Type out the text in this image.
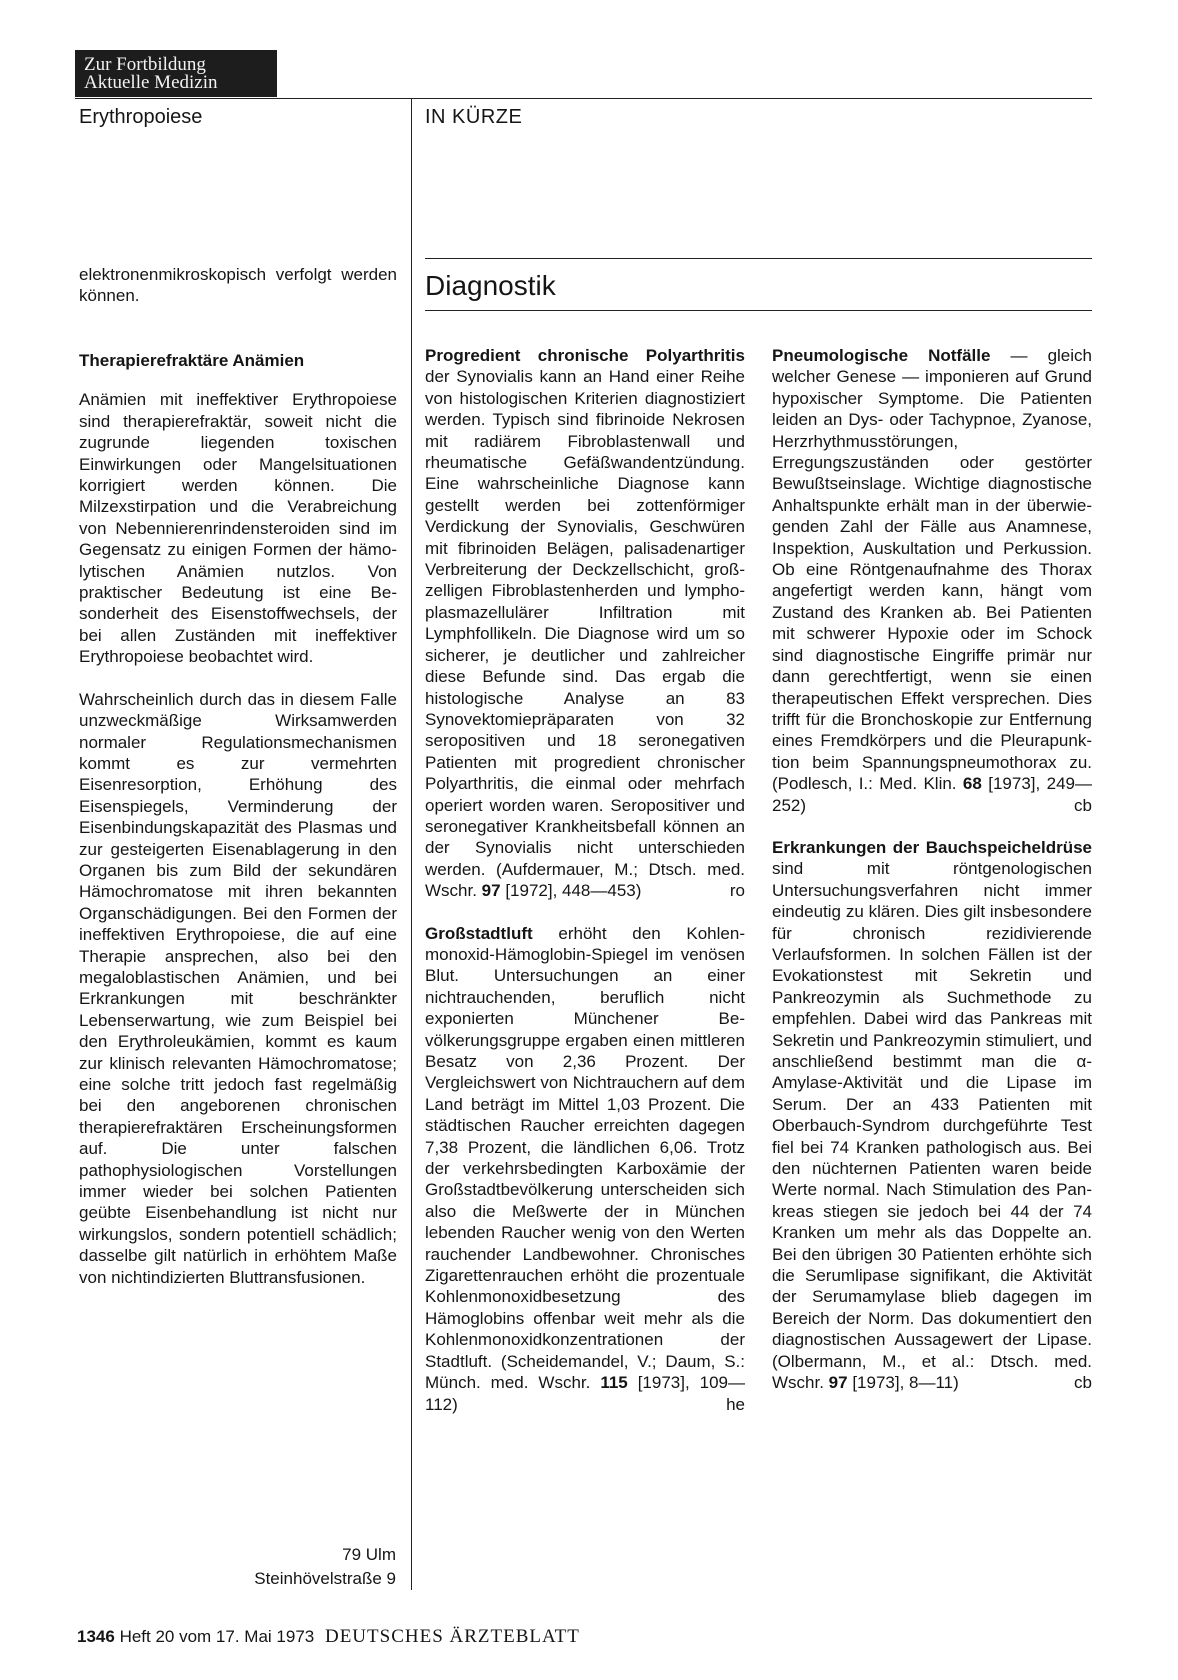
Zur Fortbildung
Aktuelle Medizin
Erythropoiese	IN KÜRZE
elektronenmikroskopisch verfolgt werden können.	Diagnostik
Therapierefraktäre Anämien

Anämien mit ineffektiver Erythropoiese sind therapierefraktär, soweit nicht die zugrunde liegenden toxischen Einwirkungen oder Mangelsituationen korrigiert werden können. Die Milzexstirpation und die Verabreichung von Nebennierenrindensteroiden sind im Gegensatz zu einigen Formen der hämolytischen Anämien nutzlos. Von praktischer Bedeutung ist eine Besonderheit des Eisenstoffwechsels, der bei allen Zuständen mit ineffektiver Erythropoiese beobachtet wird.

Wahrscheinlich durch das in diesem Falle unzweckmäßige Wirksamwerden normaler Regulationsmechanismen kommt es zur vermehrten Eisenresorption, Erhöhung des Eisenspiegels, Verminderung der Eisenbindungskapazität des Plasmas und zur gesteigerten Eisenablagerung in den Organen bis zum Bild der sekundären Hämochromatose mit ihren bekannten Organschädigungen. Bei den Formen der ineffektiven Erythropoiese, die auf eine Therapie ansprechen, also bei den megaloblastischen Anämien, und bei Erkrankungen mit beschränkter Lebenserwartung, wie zum Beispiel bei den Erythroleukämien, kommt es kaum zur klinisch relevanten Hämochromatose; eine solche tritt jedoch fast regelmäßig bei den angeborenen chronischen therapierefraktären Erscheinungsformen auf. Die unter falschen pathophysiologischen Vorstellungen immer wieder bei solchen Patienten geübte Eisenbehandlung ist nicht nur wirkungslos, sondern potentiell schädlich; dasselbe gilt natürlich in erhöhtem Maße von nichtindizierten Bluttransfusionen.

79 Ulm
Steinhövelstraße 9

Progredient chronische Polyarthritis der Synovialis kann an Hand einer Reihe von histologischen Kriterien diagnostiziert werden. Typisch sind fibrinoide Nekrosen mit radiärem Fibroblastenwall und rheumatische Gefäßwandentzündung. Eine wahrscheinliche Diagnose kann gestellt werden bei zottenförmiger Verdickung der Synovialis, Geschwüren mit fibrinoiden Belägen, palisadenartiger Verbreiterung der Deckzellschicht, großzelligen Fibroblastenherden und lympho-plasmazellulärer Infiltration mit Lymphfollikeln. Die Diagnose wird um so sicherer, je deutlicher und zahlreicher diese Befunde sind. Das ergab die histologische Analyse an 83 Synovektomiepräparaten von 32 seropositiven und 18 seronegativen Patienten mit progredient chronischer Polyarthritis, die einmal oder mehrfach operiert worden waren. Seropositiver und seronegativer Krankheitsbefall können an der Synovialis nicht unterschieden werden. (Aufdermauer, M.; Dtsch. med. Wschr. 97 [1972], 448—453)	ro

Großstadtluft erhöht den Kohlenmonoxid-Hämoglobin-Spiegel im venösen Blut. Untersuchungen an einer nichtrauchenden, beruflich nicht exponierten Münchener Bevölkerungsgruppe ergaben einen mittleren Besatz von 2,36 Prozent. Der Vergleichswert von Nichtrauchern auf dem Land beträgt im Mittel 1,03 Prozent. Die städtischen Raucher erreichten dagegen 7,38 Prozent, die ländlichen 6,06. Trotz der verkehrsbedingten Karboxämie der Großstadtbevölkerung unterscheiden sich also die Meßwerte der in München lebenden Raucher wenig von den Werten rauchender Landbewohner. Chronisches Zigarettenrauchen erhöht die prozentuale Kohlenmonoxidbesetzung des Hämoglobins offenbar weit mehr als die Kohlenmonoxidkonzentrationen der Stadtluft. (Scheidemandel, V.; Daum, S.: Münch. med. Wschr. 115 [1973], 109—112)	he

Pneumologische Notfälle — gleich welcher Genese — imponieren auf Grund hypoxischer Symptome. Die Patienten leiden an Dys- oder Tachypnoe, Zyanose, Herzrhythmusstörungen, Erregungszuständen oder gestörter Bewußtseinslage. Wichtige diagnostische Anhaltspunkte erhält man in der überwiegenden Zahl der Fälle aus Anamnese, Inspektion, Auskultation und Perkussion. Ob eine Röntgenaufnahme des Thorax angefertigt werden kann, hängt vom Zustand des Kranken ab. Bei Patienten mit schwerer Hypoxie oder im Schock sind diagnostische Eingriffe primär nur dann gerechtfertigt, wenn sie einen therapeutischen Effekt versprechen. Dies trifft für die Bronchoskopie zur Entfernung eines Fremdkörpers und die Pleurapunktion beim Spannungspneumothorax zu. (Podlesch, I.: Med. Klin. 68 [1973], 249—252)	cb

Erkrankungen der Bauchspeicheldrüse sind mit röntgenologischen Untersuchungsverfahren nicht immer eindeutig zu klären. Dies gilt insbesondere für chronisch rezidivierende Verlaufsformen. In solchen Fällen ist der Evokationstest mit Sekretin und Pankreozymin als Suchmethode zu empfehlen. Dabei wird das Pankreas mit Sekretin und Pankreozymin stimuliert, und anschließend bestimmt man die α-Amylase-Aktivität und die Lipase im Serum. Der an 433 Patienten mit Oberbauch-Syndrom durchgeführte Test fiel bei 74 Kranken pathologisch aus. Bei den nüchternen Patienten waren beide Werte normal. Nach Stimulation des Pankreas stiegen sie jedoch bei 44 der 74 Kranken um mehr als das Doppelte an. Bei den übrigen 30 Patienten erhöhte sich die Serumlipase signifikant, die Aktivität der Serumamylase blieb dagegen im Bereich der Norm. Das dokumentiert den diagnostischen Aussagewert der Lipase. (Olbermann, M., et al.: Dtsch. med. Wschr. 97 [1973], 8—11)	cb

1346 Heft 20 vom 17. Mai 1973 DEUTSCHES ÄRZTEBLATT
